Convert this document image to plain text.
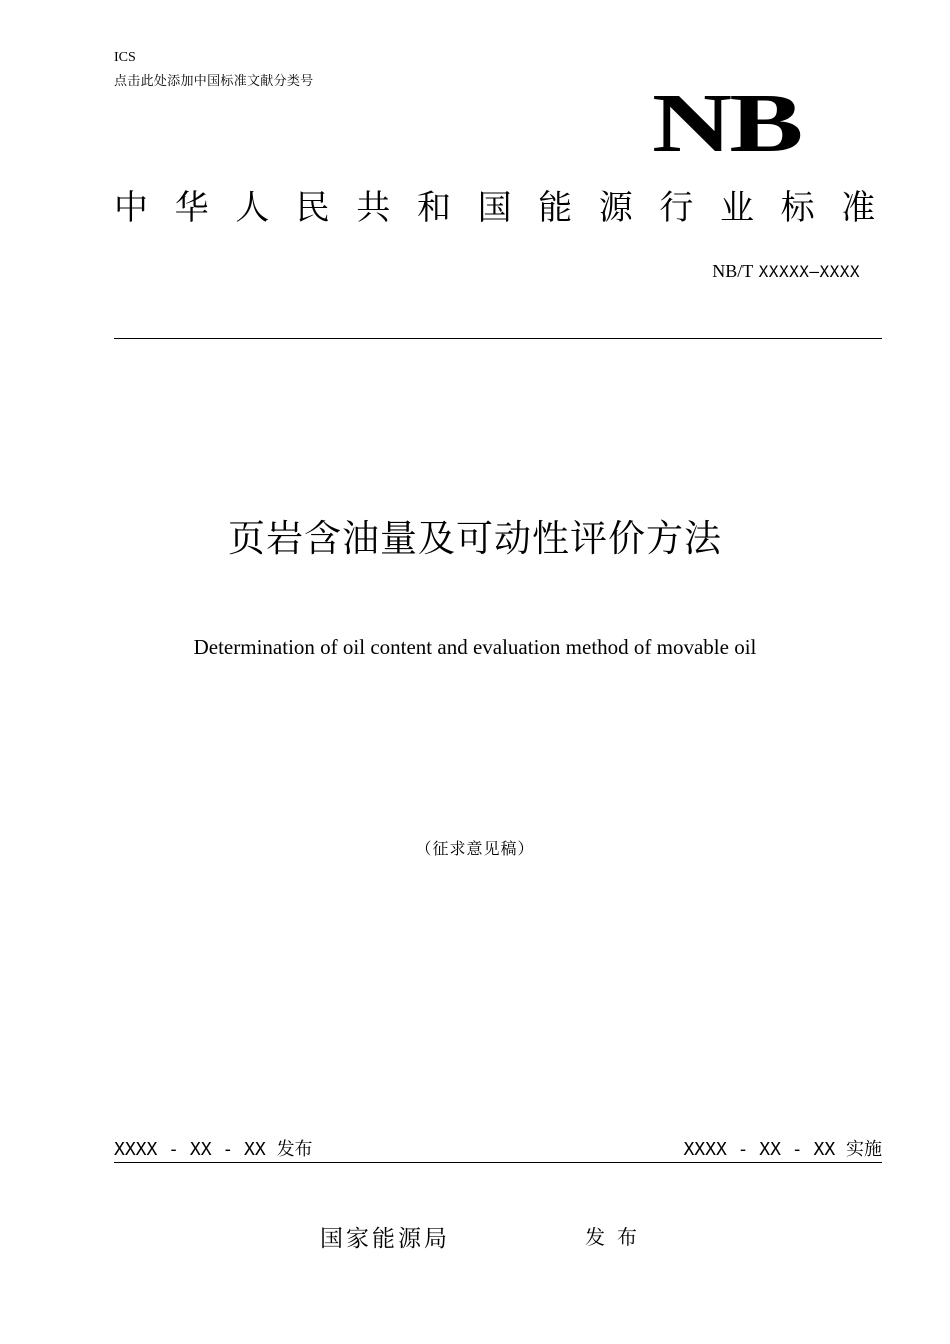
ICS
点击此处添加中国标准文献分类号	NB
中华人民共和国能源行业标准
NB/T XXXXX—XXXX
页岩含油量及可动性评价方法
Determination of oil content and evaluation method of movable oil
（征求意见稿）
XXXX - XX - XX 发布	XXXX - XX - XX 实施
国家能源局	发布
